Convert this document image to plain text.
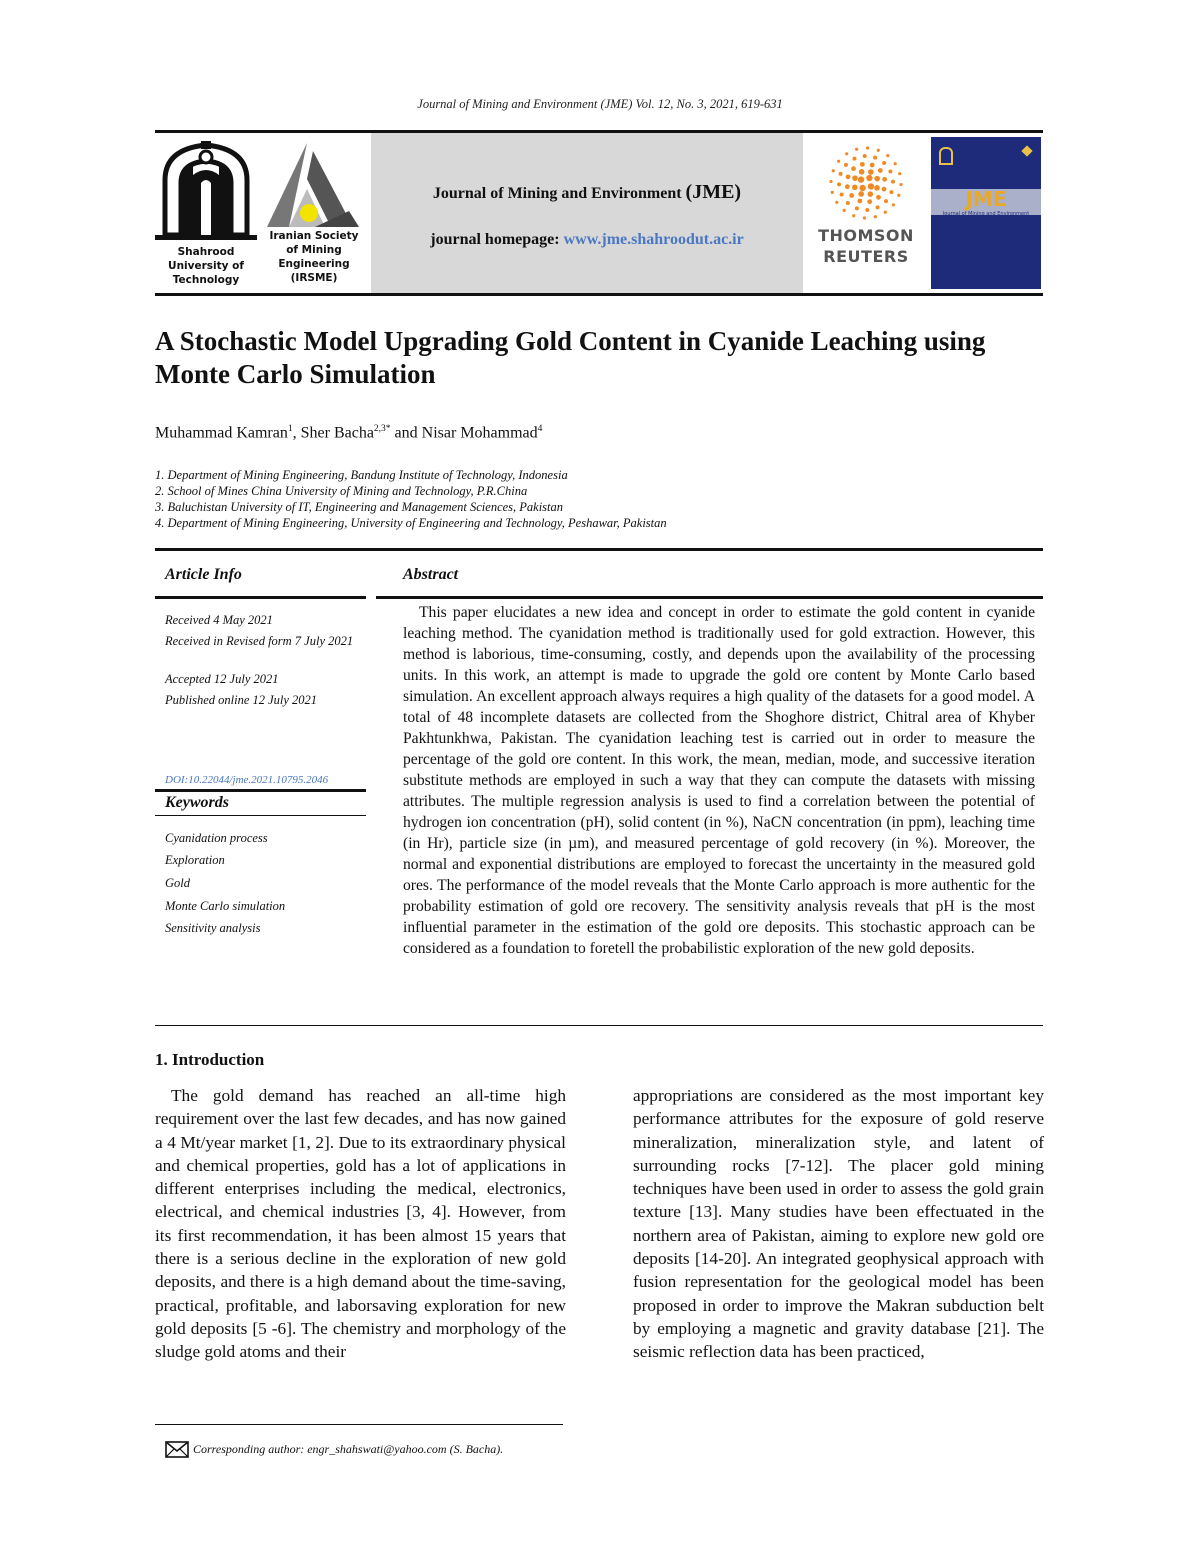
Journal of Mining and Environment (JME) Vol. 12, No. 3, 2021, 619-631
Shahrood
University of
Technology
Iranian Society
of Mining
Engineering
(IRSME)
Journal of Mining and Environment (JME)
journal homepage: www.jme.shahroodut.ac.ir	THOMSON
REUTERS
JME
Journal of Mining and Environment
A Stochastic Model Upgrading Gold Content in Cyanide Leaching using Monte Carlo Simulation
Muhammad Kamran$^1$, Sher Bacha$^{2,3*}$ and Nisar Mohammad$^4$
1. Department of Mining Engineering, Bandung Institute of Technology, Indonesia
2. School of Mines China University of Mining and Technology, P.R.China
3. Baluchistan University of IT, Engineering and Management Sciences, Pakistan
4. Department of Mining Engineering, University of Engineering and Technology, Peshawar, Pakistan
Article Info	Abstract
Received 4 May 2021
Received in Revised form 7 July 2021
Accepted 12 July 2021
Published online 12 July 2021
DOI:10.22044/jme.2021.10795.2046
Keywords
Cyanidation process
Exploration
Gold
Monte Carlo simulation
Sensitivity analysis

This paper elucidates a new idea and concept in order to estimate the gold content in cyanide leaching method. The cyanidation method is traditionally used for gold extraction. However, this method is laborious, time-consuming, costly, and depends upon the availability of the processing units. In this work, an attempt is made to upgrade the gold ore content by Monte Carlo based simulation. An excellent approach always requires a high quality of the datasets for a good model. A total of 48 incomplete datasets are collected from the Shoghore district, Chitral area of Khyber Pakhtunkhwa, Pakistan. The cyanidation leaching test is carried out in order to measure the percentage of the gold ore content. In this work, the mean, median, mode, and successive iteration substitute methods are employed in such a way that they can compute the datasets with missing attributes. The multiple regression analysis is used to find a correlation between the potential of hydrogen ion concentration (pH), solid content (in %), NaCN concentration (in ppm), leaching time (in Hr), particle size (in µm), and measured percentage of gold recovery (in %). Moreover, the normal and exponential distributions are employed to forecast the uncertainty in the measured gold ores. The performance of the model reveals that the Monte Carlo approach is more authentic for the probability estimation of gold ore recovery. The sensitivity analysis reveals that pH is the most influential parameter in the estimation of the gold ore deposits. This stochastic approach can be considered as a foundation to foretell the probabilistic exploration of the new gold deposits.

1. Introduction

The gold demand has reached an all-time high requirement over the last few decades, and has now gained a 4 Mt/year market [1, 2]. Due to its extraordinary physical and chemical properties, gold has a lot of applications in different enterprises including the medical, electronics, electrical, and chemical industries [3, 4]. However, from its first recommendation, it has been almost 15 years that there is a serious decline in the exploration of new gold deposits, and there is a high demand about the time-saving, practical, profitable, and laborsaving exploration for new gold deposits [5 -6]. The chemistry and morphology of the sludge gold atoms and their

appropriations are considered as the most important key performance attributes for the exposure of gold reserve mineralization, mineralization style, and latent of surrounding rocks [7-12]. The placer gold mining techniques have been used in order to assess the gold grain texture [13]. Many studies have been effectuated in the northern area of Pakistan, aiming to explore new gold ore deposits [14-20]. An integrated geophysical approach with fusion representation for the geological model has been proposed in order to improve the Makran subduction belt by employing a magnetic and gravity database [21]. The seismic reflection data has been practiced,

Corresponding author: engr_shahswati@yahoo.com (S. Bacha).
